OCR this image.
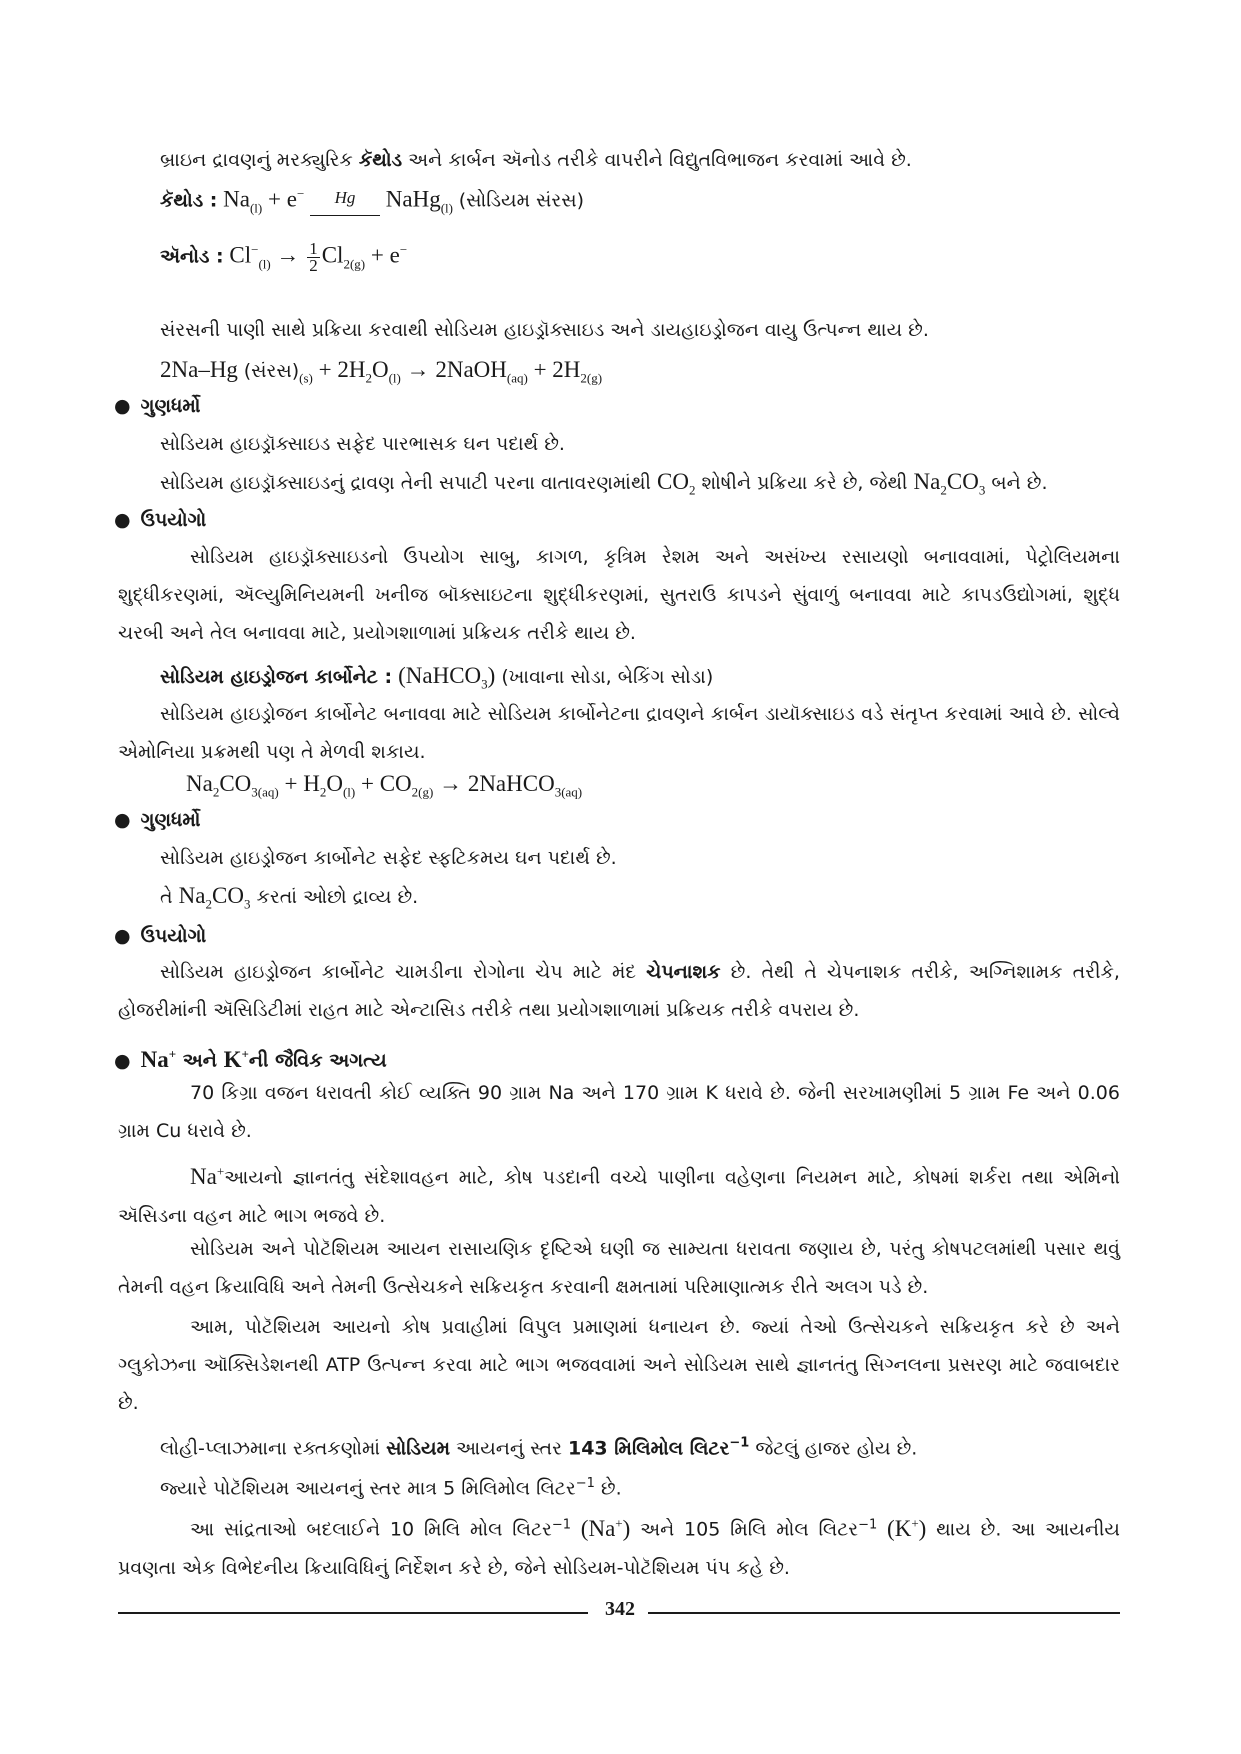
બ્રાઇન દ્રાવણનું મરક્યુરિક કૅથોડ અને કાર્બન ઍનોડ તરીકે વાપરીને વિદ્યુતવિભાજન કરવામાં આવે છે.
કૅથોડ : $Na_{(l)} + e^-$ Hg NaHg$_{(l)}$ (સોડિયમ સંરસ)
ઍનોડ : $Cl^-_{(l)} \to \frac{1}{2} Cl_{2(g)} + e^-$
સંરસની પાણી સાથે પ્રક્રિયા કરવાથી સોડિયમ હાઇડ્રૉક્સાઇડ અને ડાયહાઇડ્રોજન વાયુ ઉત્પન્ન થાય છે.
2Na–Hg $(સંરસ)_{(s)} + 2H_2O_{(l)}$ → 2NaOH$_{(aq)}$ + $2H_{2(g)}$
● ગુણધર્મો
સોડિયમ હાઇડ્રૉક્સાઇડ સફેદ પારભાસક ઘન પદાર્થ છે.
સોડિયમ હાઇડ્રૉક્સાઇડનું દ્રાવણ તેની સપાટી પરના વાતાવરણમાંથી $CO_2$ શોષીને પ્રક્રિયા કરે છે, જેથી $Na_2CO_3$ બને છે.
● ઉપયોગો
સોડિયમ હાઇડ્રૉક્સાઇડનો ઉપયોગ સાબુ, કાગળ, કૃત્રિમ રેશમ અને અસંખ્ય રસાયણો બનાવવામાં, પેટ્રોલિયમના શુદ્ધીકરણમાં, ઍલ્યુમિનિયમની ખનીજ બૉક્સાઇટના શુદ્ધીકરણમાં, સુતરાઉ કાપડને સુંવાળું બનાવવા માટે કાપડઉદ્યોગમાં, શુદ્ધ ચરબી અને તેલ બનાવવા માટે, પ્રયોગશાળામાં પ્રક્રિયક તરીકે થાય છે.
સોડિયમ હાઇડ્રોજન કાર્બોનેટ : (NaHCO$_3$) (ખાવાના સોડા, બેકિંગ સોડા)
સોડિયમ હાઇડ્રોજન કાર્બોનેટ બનાવવા માટે સોડિયમ કાર્બોનેટના દ્રાવણને કાર્બન ડાયૉક્સાઇડ વડે સંતૃપ્ત કરવામાં આવે છે. સોલ્વે એમોનિયા પ્રક્રમથી પણ તે મેળવી શકાય.
$Na_2CO_{3(aq)} + H_2O_{(l)} + CO_{2(g)}$ → 2NaHCO$_{3(aq)}$
● ગુણધર્મો
સોડિયમ હાઇડ્રોજન કાર્બોનેટ સફેદ સ્ફટિકમય ઘન પદાર્થ છે.
તે $Na_2CO_3$ કરતાં ઓછો દ્રાવ્ય છે.
● ઉપયોગો
સોડિયમ હાઇડ્રોજન કાર્બોનેટ ચામડીના રોગોના ચેપ માટે મંદ ચેપનાશક છે. તેથી તે ચેપનાશક તરીકે, અગ્નિશામક તરીકે, હોજરીમાંની ઍસિડિટીમાં રાહત માટે એન્ટાસિડ તરીકે તથા પ્રયોગશાળામાં પ્રક્રિયક તરીકે વપરાય છે.
● Na+ અને K+ની જૈવિક અગત્ય
70 કિગ્રા વજન ધરાવતી કોઈ વ્યક્તિ 90 ગ્રામ Na અને 170 ગ્રામ K ધરાવે છે. જેની સરખામણીમાં 5 ગ્રામ Fe અને 0.06 ગ્રામ Cu ધરાવે છે.
Na+આયનો જ્ઞાનતંતુ સંદેશાવહન માટે, કોષ પડદાની વચ્ચે પાણીના વહેણના નિયમન માટે, કોષમાં શર્કરા તથા એમિનો ઍસિડના વહન માટે ભાગ ભજવે છે.
સોડિયમ અને પોટૅશિયમ આયન રાસાયણિક દૃષ્ટિએ ઘણી જ સામ્યતા ધરાવતા જણાય છે, પરંતુ કોષપટલમાંથી પસાર થવું તેમની વહન ક્રિયાવિધિ અને તેમની ઉત્સેચકને સક્રિયકૃત કરવાની ક્ષમતામાં પરિમાણાત્મક રીતે અલગ પડે છે.
આમ, પોટૅશિયમ આયનો કોષ પ્રવાહીમાં વિપુલ પ્રમાણમાં ધનાયન છે. જ્યાં તેઓ ઉત્સેચકને સક્રિયકૃત કરે છે અને ગ્લુકોઝના ઑક્સિડેશનથી ATP ઉત્પન્ન કરવા માટે ભાગ ભજવવામાં અને સોડિયમ સાથે જ્ઞાનતંતુ સિગ્નલના પ્રસરણ માટે જવાબદાર છે.
લોહી-પ્લાઝમાના રક્તકણોમાં સોડિયમ આયનનું સ્તર 143 મિલિમોલ લિટર$^{-1}$ જેટલું હાજર હોય છે.
જ્યારે પોટૅશિયમ આયનનું સ્તર માત્ર 5 મિલિમોલ લિટર$^{-1}$ છે.
આ સાંદ્રતાઓ બદલાઈને 10 મિલિ મોલ લિટર$^{-1}$ (Na+) અને 105 મિલિ મોલ લિટર$^{-1}$ (K+) થાય છે. આ આયનીય પ્રવણતા એક વિભેદનીય ક્રિયાવિધિનું નિર્દેશન કરે છે, જેને સોડિયમ-પોટૅશિયમ પંપ કહે છે.
342
